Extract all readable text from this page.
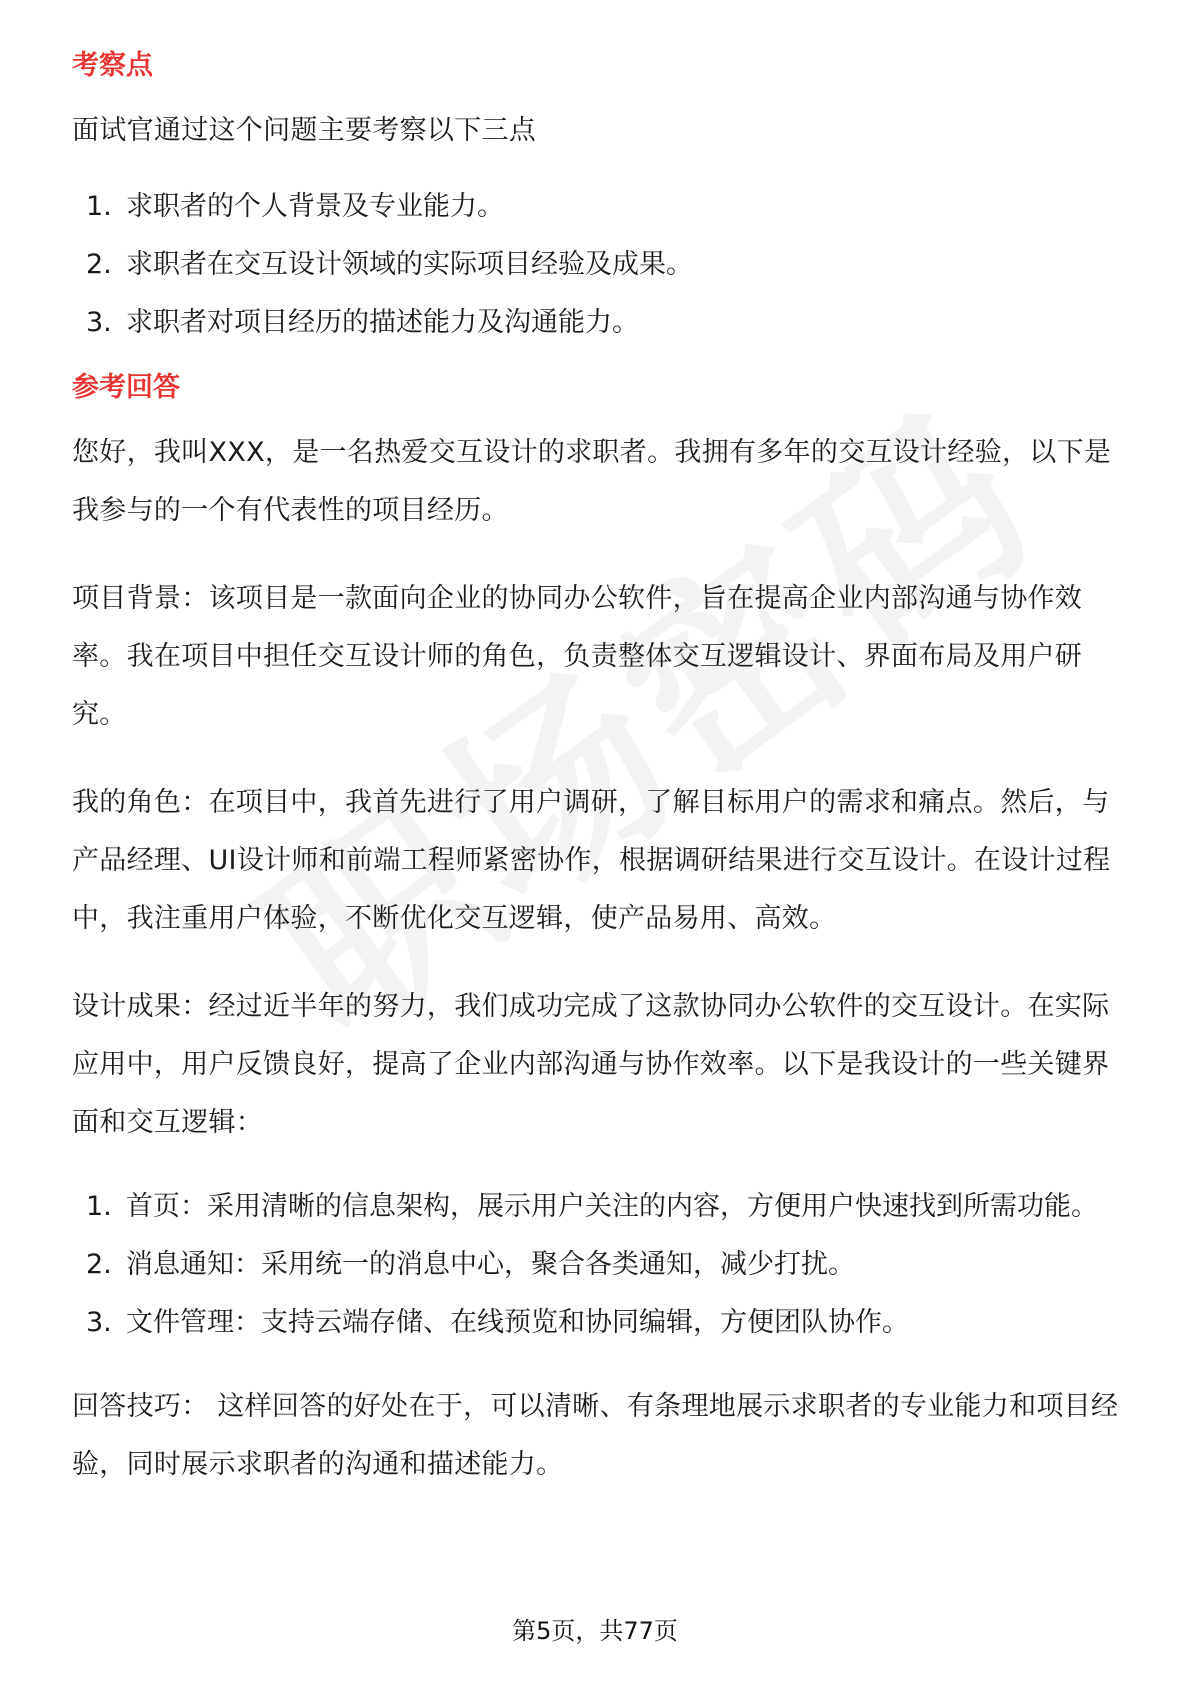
考察点

面试官通过这个问题主要考察以下三点

1. 求职者的个人背景及专业能力。
2. 求职者在交互设计领域的实际项目经验及成果。
3. 求职者对项目经历的描述能力及沟通能力。
参考回答

您好，我叫XXX，是一名热爱交互设计的求职者。我拥有多年的交互设计经验，以下是我参与的一个有代表性的项目经历。

项目背景：该项目是一款面向企业的协同办公软件，旨在提高企业内部沟通与协作效率。我在项目中担任交互设计师的角色，负责整体交互逻辑设计、界面布局及用户研究。

我的角色：在项目中，我首先进行了用户调研，了解目标用户的需求和痛点。然后，与产品经理、UI设计师和前端工程师紧密协作，根据调研结果进行交互设计。在设计过程中，我注重用户体验，不断优化交互逻辑，使产品易用、高效。

设计成果：经过近半年的努力，我们成功完成了这款协同办公软件的交互设计。在实际应用中，用户反馈良好，提高了企业内部沟通与协作效率。以下是我设计的一些关键界面和交互逻辑：

1. 首页：采用清晰的信息架构，展示用户关注的内容，方便用户快速找到所需功能。
2. 消息通知：采用统一的消息中心，聚合各类通知，减少打扰。
3. 文件管理：支持云端存储、在线预览和协同编辑，方便团队协作。

回答技巧： 这样回答的好处在于，可以清晰、有条理地展示求职者的专业能力和项目经验，同时展示求职者的沟通和描述能力。

第5页，共77页
